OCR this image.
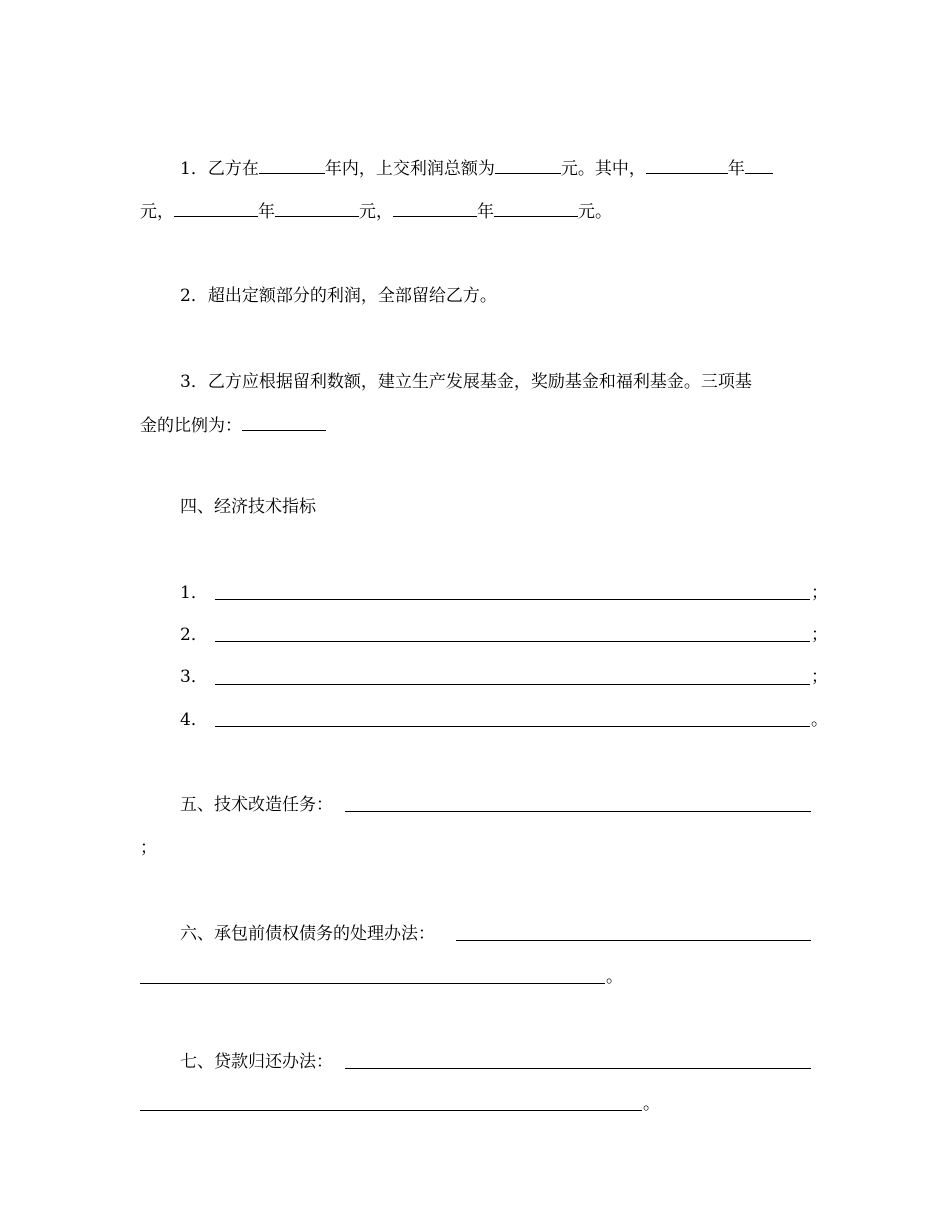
1．乙方在	年内，上交利润总额为	元。其中，	年
元，	年	元，	年	元。
2．超出定额部分的利润，全部留给乙方。
3．乙方应根据留利数额，建立生产发展基金，奖励基金和福利基金。三项基
金的比例为：
四、经济技术指标
1．	；
2．	；
3．	；
4．	。
五、技术改造任务：
；
六、承包前债权债务的处理办法：
。
七、贷款归还办法：
。
